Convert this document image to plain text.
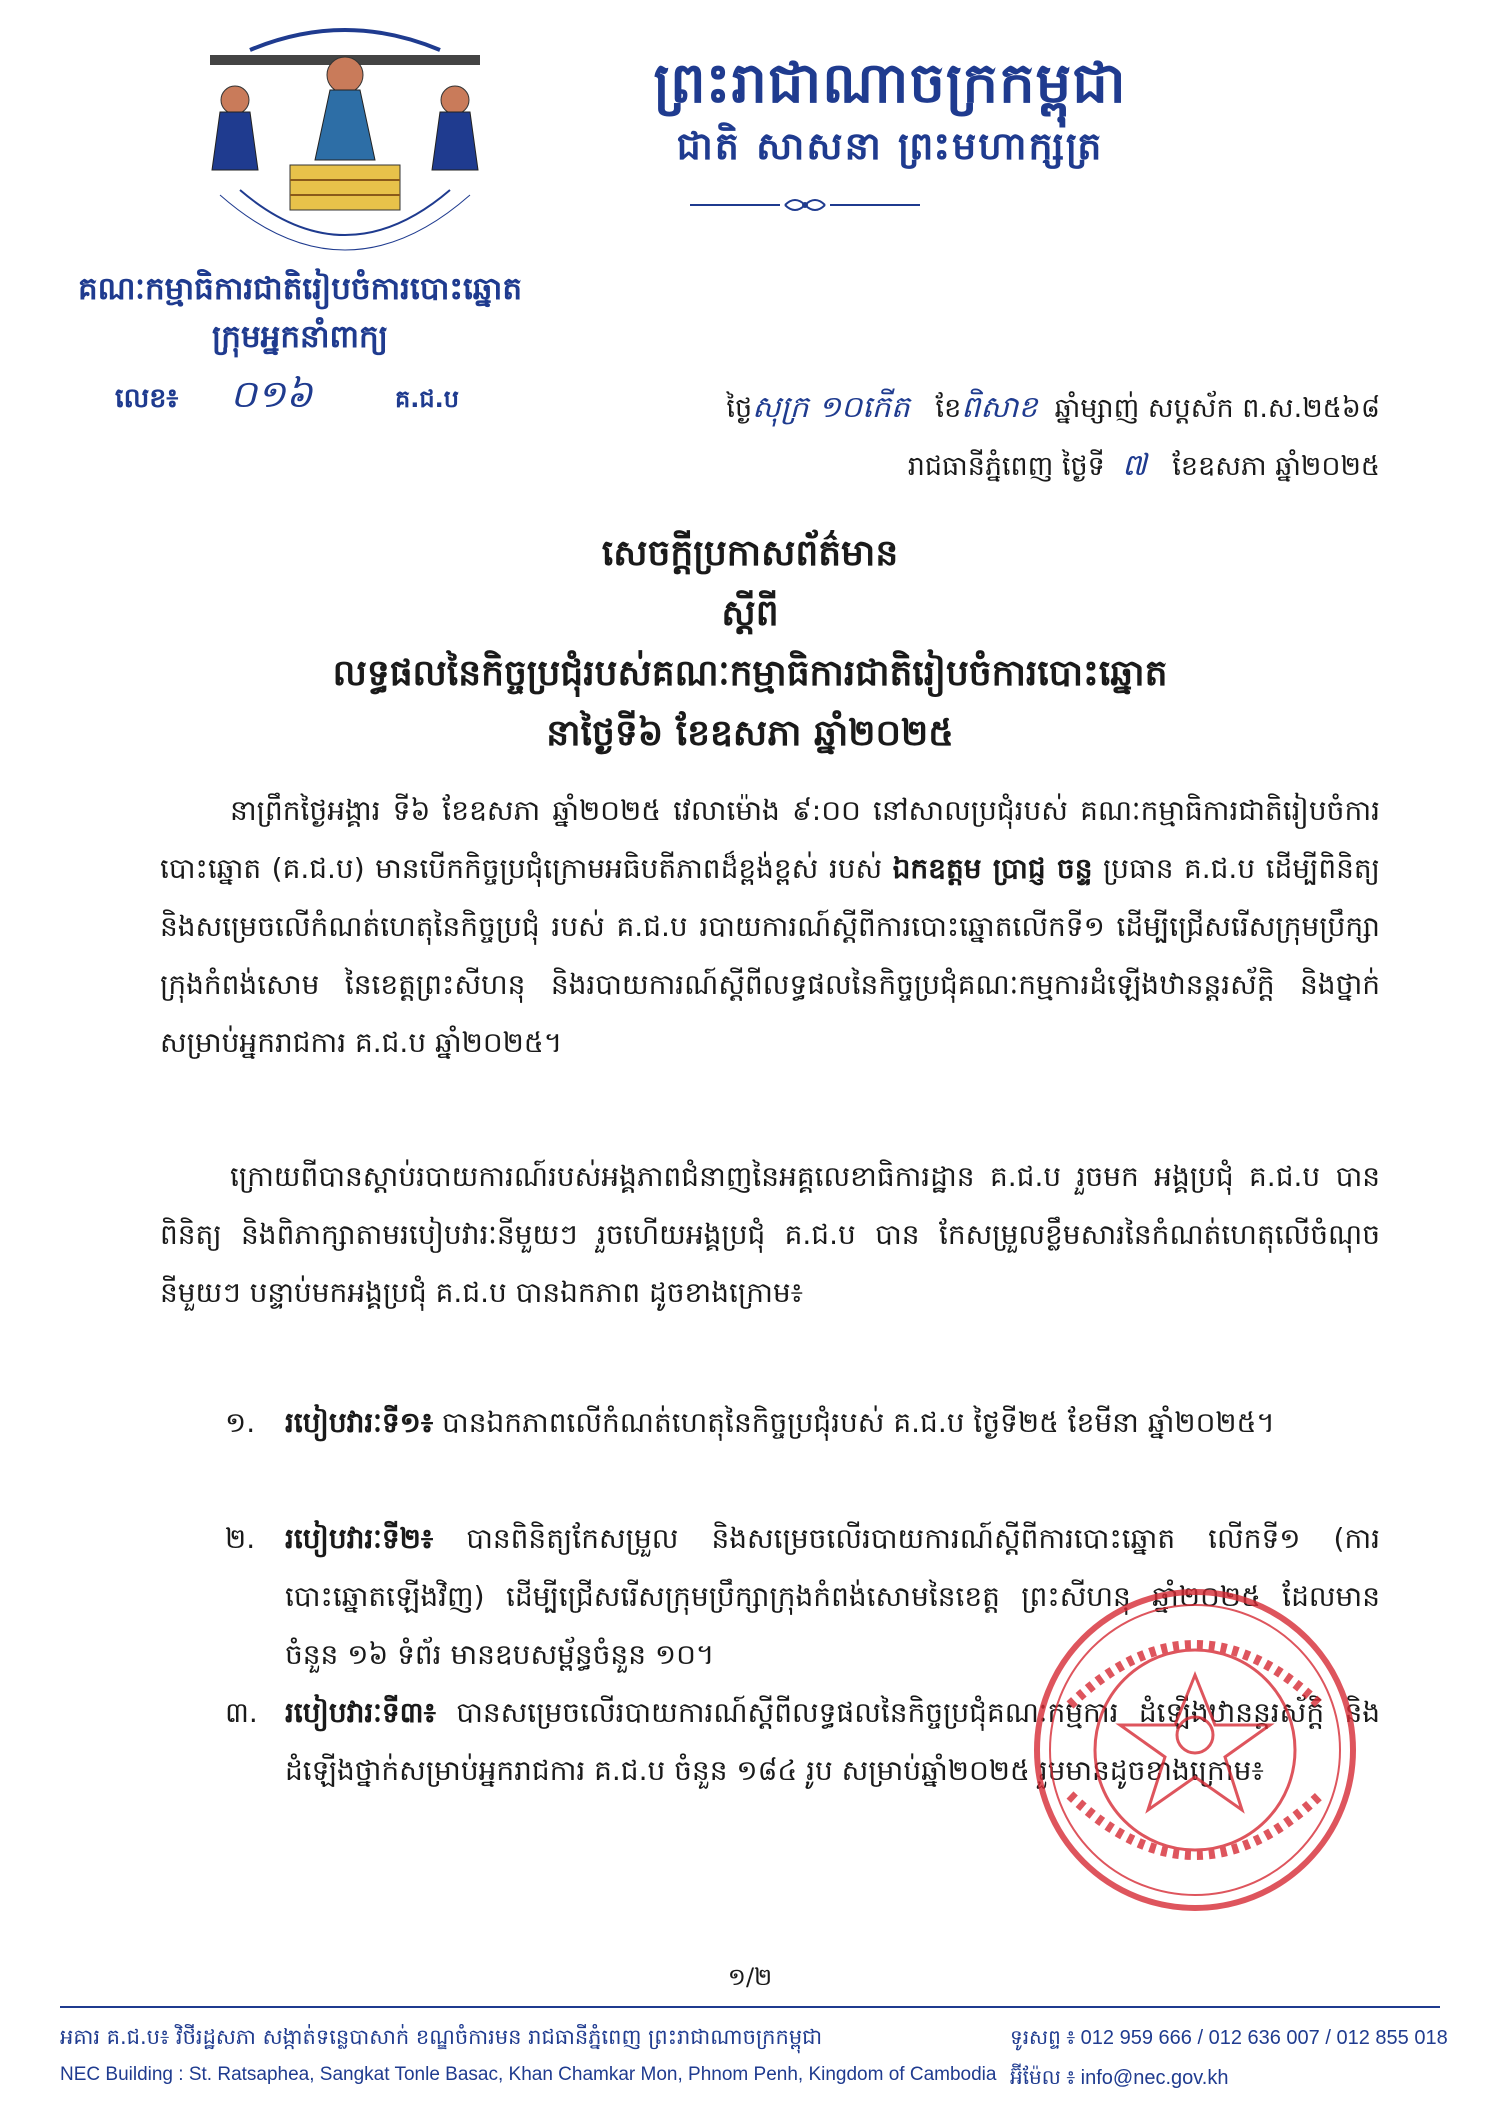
ព្រះរាជាណាចក្រកម្ពុជា
ជាតិ សាសនា ព្រះមហាក្សត្រ
គណៈកម្មាធិការជាតិរៀបចំការបោះឆ្នោត
ក្រុមអ្នកនាំពាក្យ
លេខ៖ ០១៦	គ.ជ.ប	ថ្ងៃសុក្រ ១០កើត ខែពិសាខ ឆ្នាំម្សាញ់ សប្តស័ក ព.ស.២៥៦៨
រាជធានីភ្នំពេញ ថ្ងៃទី ៧ ខែឧសភា ឆ្នាំ២០២៥
សេចក្តីប្រកាសព័ត៌មាន
ស្តីពី
លទ្ធផលនៃកិច្ចប្រជុំរបស់គណៈកម្មាធិការជាតិរៀបចំការបោះឆ្នោត
នាថ្ងៃទី៦ ខែឧសភា ឆ្នាំ២០២៥
នាព្រឹកថ្ងៃអង្គារ ទី៦ ខែឧសភា ឆ្នាំ២០២៥ វេលាម៉ោង ៩:០០ នៅសាលប្រជុំរបស់ គណៈកម្មាធិការជាតិរៀបចំការបោះឆ្នោត (គ.ជ.ប) មានបើកកិច្ចប្រជុំក្រោមអធិបតីភាពដ៏ខ្ពង់ខ្ពស់ របស់ ឯកឧត្តម ប្រាជ្ញ ចន្ទ ប្រធាន គ.ជ.ប ដើម្បីពិនិត្យ និងសម្រេចលើកំណត់ហេតុនៃកិច្ចប្រជុំ របស់ គ.ជ.ប របាយការណ៍ស្តីពីការបោះឆ្នោតលើកទី១ ដើម្បីជ្រើសរើសក្រុមប្រឹក្សាក្រុងកំពង់សោម នៃខេត្តព្រះសីហនុ និងរបាយការណ៍ស្តីពីលទ្ធផលនៃកិច្ចប្រជុំគណៈកម្មការដំឡើងឋានន្តរស័ក្តិ និងថ្នាក់សម្រាប់អ្នករាជការ គ.ជ.ប ឆ្នាំ២០២៥។
ក្រោយពីបានស្តាប់របាយការណ៍របស់អង្គភាពជំនាញនៃអគ្គលេខាធិការដ្ឋាន គ.ជ.ប រួចមក អង្គប្រជុំ គ.ជ.ប បានពិនិត្យ និងពិភាក្សាតាមរបៀបវារៈនីមួយៗ រួចហើយអង្គប្រជុំ គ.ជ.ប បាន កែសម្រួលខ្លឹមសារនៃកំណត់ហេតុលើចំណុចនីមួយៗ បន្ទាប់មកអង្គប្រជុំ គ.ជ.ប បានឯកភាព ដូចខាងក្រោម៖
១.	របៀបវារៈទី១៖ បានឯកភាពលើកំណត់ហេតុនៃកិច្ចប្រជុំរបស់ គ.ជ.ប ថ្ងៃទី២៥ ខែមីនា ឆ្នាំ២០២៥។
២.	របៀបវារៈទី២៖ បានពិនិត្យកែសម្រួល និងសម្រេចលើរបាយការណ៍ស្តីពីការបោះឆ្នោត លើកទី១ (ការបោះឆ្នោតឡើងវិញ) ដើម្បីជ្រើសរើសក្រុមប្រឹក្សាក្រុងកំពង់សោមនៃខេត្ត ព្រះសីហនុ ឆ្នាំ២០២៥ ដែលមានចំនួន ១៦ ទំព័រ មានឧបសម្ព័ន្ធចំនួន ១០។
៣. របៀបវារៈទី៣៖ បានសម្រេចលើរបាយការណ៍ស្តីពីលទ្ធផលនៃកិច្ចប្រជុំគណៈកម្មការ ដំឡើងឋានន្តរស័ក្តិ និងដំឡើងថ្នាក់សម្រាប់អ្នករាជការ គ.ជ.ប ចំនួន ១៨៤ រូប សម្រាប់ឆ្នាំ២០២៥ រួមមានដូចខាងក្រោម៖
១/២
អគារ គ.ជ.ប៖ វិថីរដ្ឋសភា សង្កាត់ទន្លេបាសាក់ ខណ្ឌចំការមន រាជធានីភ្នំពេញ ព្រះរាជាណាចក្រកម្ពុជា
NEC Building : St. Ratsaphea, Sangkat Tonle Basac, Khan Chamkar Mon, Phnom Penh, Kingdom of Cambodia
ទូរសព្ទ ៖ 012 959 666 / 012 636 007 / 012 855 018
អ៊ីម៉ែល ៖ info@nec.gov.kh
